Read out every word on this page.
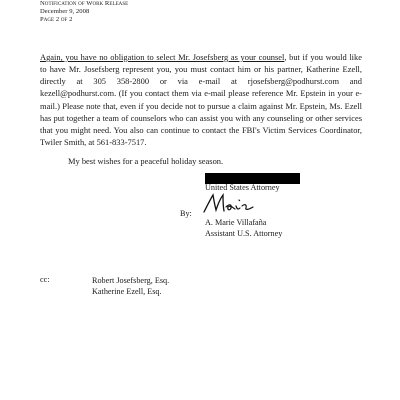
Notification of Work Release
December 9, 2008
Page 2 of 2
Again, you have no obligation to select Mr. Josefsberg as your counsel, but if you would like to have Mr. Josefsberg represent you, you must contact him or his partner, Katherine Ezell, directly at 305 358-2800 or via e-mail at rjosefsberg@podhurst.com and kezell@podhurst.com. (If you contact them via e-mail please reference Mr. Epstein in your e-mail.) Please note that, even if you decide not to pursue a claim against Mr. Epstein, Ms. Ezell has put together a team of counselors who can assist you with any counseling or other services that you might need. You also can continue to contact the FBI's Victim Services Coordinator, Twiler Smith, at 561-833-7517.
My best wishes for a peaceful holiday season.
United States Attorney
By:
A. Marie Villafaña
Assistant U.S. Attorney
cc:	Robert Josefsberg, Esq.
Katherine Ezell, Esq.
